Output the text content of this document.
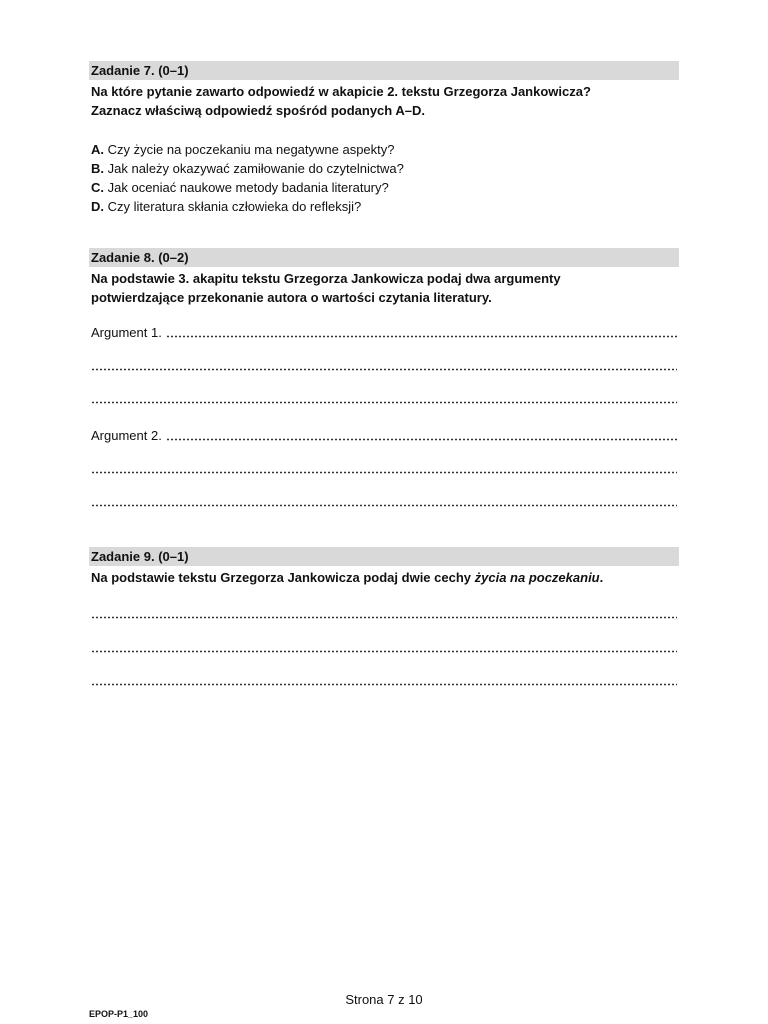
Zadanie 7. (0–1)
Na które pytanie zawarto odpowiedź w akapicie 2. tekstu Grzegorza Jankowicza?
Zaznacz właściwą odpowiedź spośród podanych A–D.
A. Czy życie na poczekaniu ma negatywne aspekty?
B. Jak należy okazywać zamiłowanie do czytelnictwa?
C. Jak oceniać naukowe metody badania literatury?
D. Czy literatura skłania człowieka do refleksji?
Zadanie 8. (0–2)
Na podstawie 3. akapitu tekstu Grzegorza Jankowicza podaj dwa argumenty
potwierdzające przekonanie autora o wartości czytania literatury.
Argument 1.
Argument 2.
Zadanie 9. (0–1)
Na podstawie tekstu Grzegorza Jankowicza podaj dwie cechy życia na poczekaniu.
Strona 7 z 10
EPOP-P1_100
